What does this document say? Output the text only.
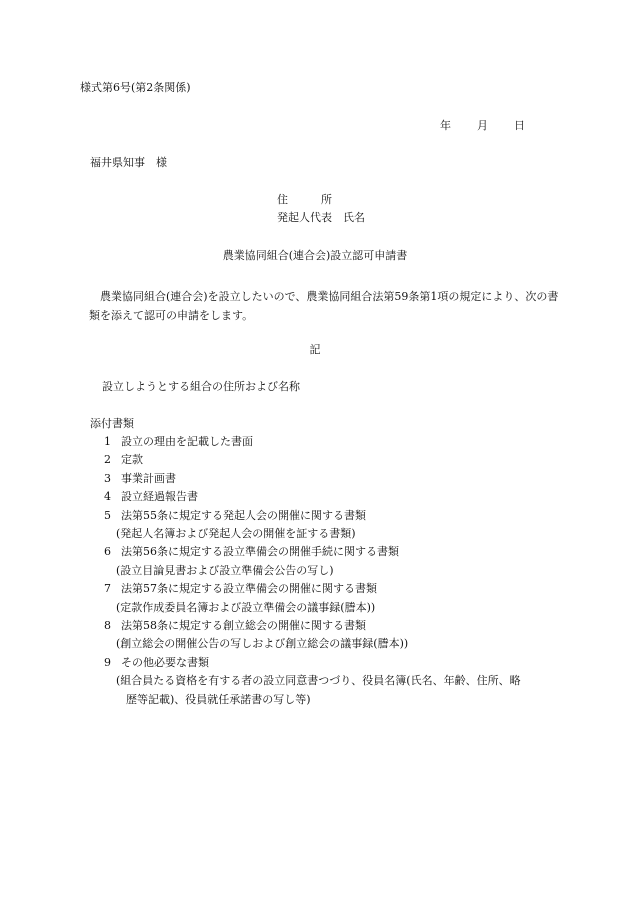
様式第6号(第2条関係)
年 月 日
福井県知事　様
住　　　所
発起人代表　氏名
農業協同組合(連合会)設立認可申請書
農業協同組合(連合会)を設立したいので、農業協同組合法第59条第1項の規定により、次の書類を添えて認可の申請をします。
記
設立しようとする組合の住所および名称
添付書類
1 設立の理由を記載した書面
2 定款
3 事業計画書
4 設立経過報告書
5 法第55条に規定する発起人会の開催に関する書類
(発起人名簿および発起人会の開催を証する書類)
6 法第56条に規定する設立準備会の開催手続に関する書類
(設立目論見書および設立準備会公告の写し)
7 法第57条に規定する設立準備会の開催に関する書類
(定款作成委員名簿および設立準備会の議事録(謄本))
8 法第58条に規定する創立総会の開催に関する書類
(創立総会の開催公告の写しおよび創立総会の議事録(謄本))
9 その他必要な書類
(組合員たる資格を有する者の設立同意書つづり、役員名簿(氏名、年齢、住所、略
歴等記載)、役員就任承諾書の写し等)
